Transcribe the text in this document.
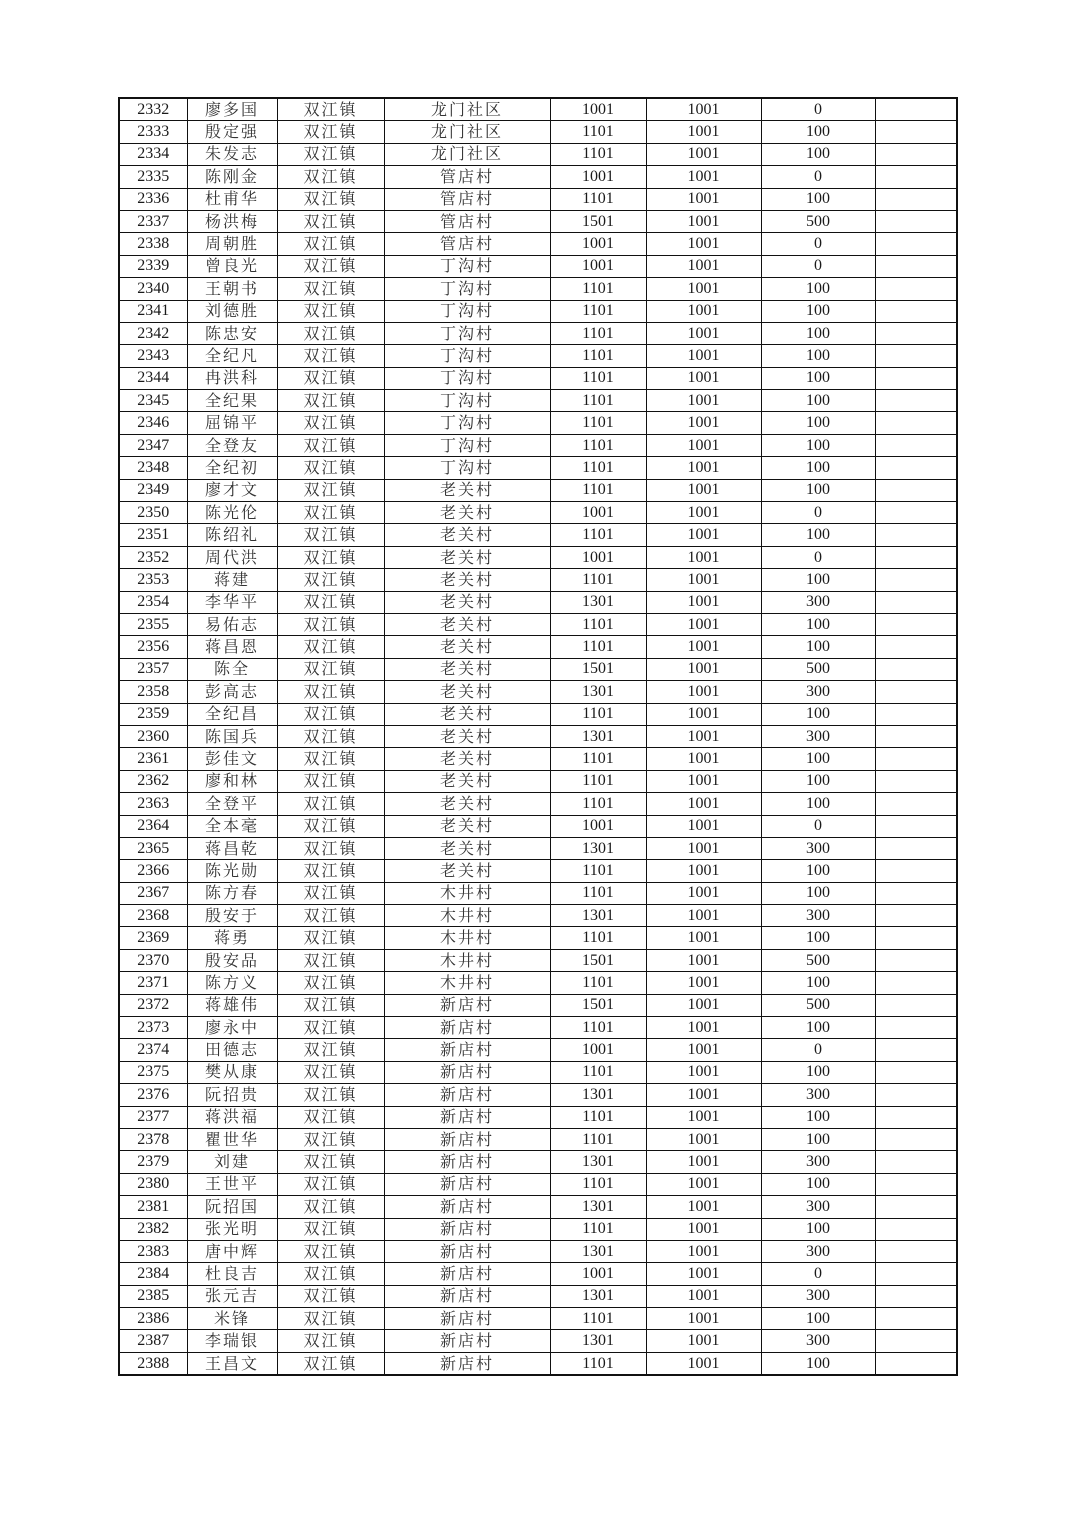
2332	廖多国	双江镇	龙门社区	1001	1001	0	
2333	殷定强	双江镇	龙门社区	1101	1001	100	
2334	朱发志	双江镇	龙门社区	1101	1001	100	
2335	陈刚金	双江镇	管店村	1001	1001	0	
2336	杜甫华	双江镇	管店村	1101	1001	100	
2337	杨洪梅	双江镇	管店村	1501	1001	500	
2338	周朝胜	双江镇	管店村	1001	1001	0	
2339	曾良光	双江镇	丁沟村	1001	1001	0	
2340	王朝书	双江镇	丁沟村	1101	1001	100	
2341	刘德胜	双江镇	丁沟村	1101	1001	100	
2342	陈忠安	双江镇	丁沟村	1101	1001	100	
2343	全纪凡	双江镇	丁沟村	1101	1001	100	
2344	冉洪科	双江镇	丁沟村	1101	1001	100	
2345	全纪果	双江镇	丁沟村	1101	1001	100	
2346	屈锦平	双江镇	丁沟村	1101	1001	100	
2347	全登友	双江镇	丁沟村	1101	1001	100	
2348	全纪初	双江镇	丁沟村	1101	1001	100	
2349	廖才文	双江镇	老关村	1101	1001	100	
2350	陈光伦	双江镇	老关村	1001	1001	0	
2351	陈绍礼	双江镇	老关村	1101	1001	100	
2352	周代洪	双江镇	老关村	1001	1001	0	
2353	蒋建	双江镇	老关村	1101	1001	100	
2354	李华平	双江镇	老关村	1301	1001	300	
2355	易佑志	双江镇	老关村	1101	1001	100	
2356	蒋昌恩	双江镇	老关村	1101	1001	100	
2357	陈全	双江镇	老关村	1501	1001	500	
2358	彭高志	双江镇	老关村	1301	1001	300	
2359	全纪昌	双江镇	老关村	1101	1001	100	
2360	陈国兵	双江镇	老关村	1301	1001	300	
2361	彭佳文	双江镇	老关村	1101	1001	100	
2362	廖和林	双江镇	老关村	1101	1001	100	
2363	全登平	双江镇	老关村	1101	1001	100	
2364	全本毫	双江镇	老关村	1001	1001	0	
2365	蒋昌乾	双江镇	老关村	1301	1001	300	
2366	陈光勋	双江镇	老关村	1101	1001	100	
2367	陈方春	双江镇	木井村	1101	1001	100	
2368	殷安于	双江镇	木井村	1301	1001	300	
2369	蒋勇	双江镇	木井村	1101	1001	100	
2370	殷安品	双江镇	木井村	1501	1001	500	
2371	陈方义	双江镇	木井村	1101	1001	100	
2372	蒋雄伟	双江镇	新店村	1501	1001	500	
2373	廖永中	双江镇	新店村	1101	1001	100	
2374	田德志	双江镇	新店村	1001	1001	0	
2375	樊从康	双江镇	新店村	1101	1001	100	
2376	阮招贵	双江镇	新店村	1301	1001	300	
2377	蒋洪福	双江镇	新店村	1101	1001	100	
2378	瞿世华	双江镇	新店村	1101	1001	100	
2379	刘建	双江镇	新店村	1301	1001	300	
2380	王世平	双江镇	新店村	1101	1001	100	
2381	阮招国	双江镇	新店村	1301	1001	300	
2382	张光明	双江镇	新店村	1101	1001	100	
2383	唐中辉	双江镇	新店村	1301	1001	300	
2384	杜良吉	双江镇	新店村	1001	1001	0	
2385	张元吉	双江镇	新店村	1301	1001	300	
2386	米锋	双江镇	新店村	1101	1001	100	
2387	李瑞银	双江镇	新店村	1301	1001	300	
2388	王昌文	双江镇	新店村	1101	1001	100	
